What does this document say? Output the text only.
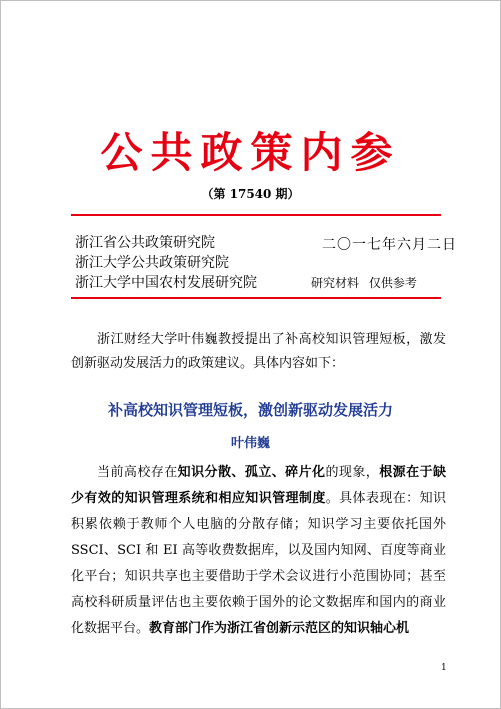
公共政策内参
（第 17540 期）
浙江省公共政策研究院	二〇一七年六月二日
浙江大学公共政策研究院
浙江大学中国农村发展研究院	研究材料 仅供参考
浙江财经大学叶伟巍教授提出了补高校知识管理短板，激发创新驱动发展活力的政策建议。具体内容如下：
补高校知识管理短板，激创新驱动发展活力
叶伟巍
当前高校存在知识分散、孤立、碎片化的现象，根源在于缺少有效的知识管理系统和相应知识管理制度。具体表现在：知识积累依赖于教师个人电脑的分散存储；知识学习主要依托国外 SSCI、SCI 和 EI 高等收费数据库，以及国内知网、百度等商业化平台；知识共享也主要借助于学术会议进行小范围协同；甚至高校科研质量评估也主要依赖于国外的论文数据库和国内的商业化数据平台。教育部门作为浙江省创新示范区的知识轴心机
1
